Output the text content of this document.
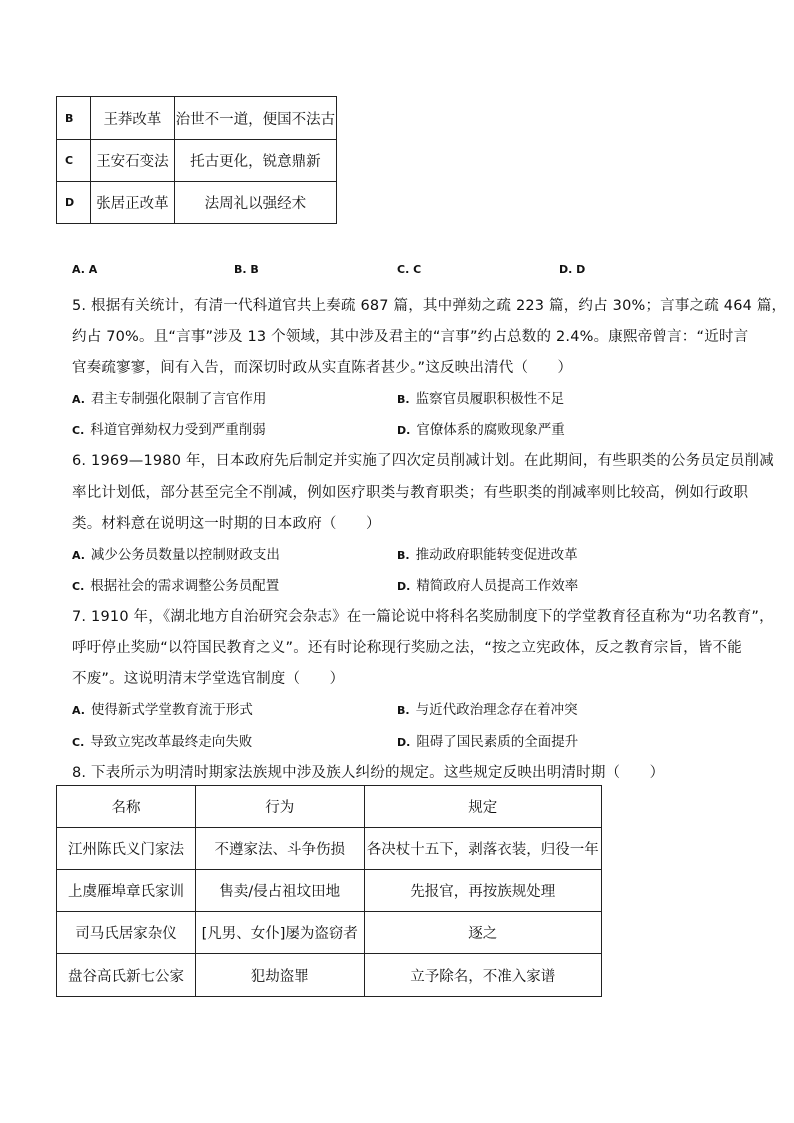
B	王莽改革	治世不一道，便国不法古
C	王安石变法	托古更化，锐意鼎新
D	张居正改革	法周礼以强经术
A. A	B. B	C. C	D. D
5. 根据有关统计，有清一代科道官共上奏疏 687 篇，其中弹劾之疏 223 篇，约占 30%；言事之疏 464 篇，
约占 70%。且“言事”涉及 13 个领域，其中涉及君主的“言事”约占总数的 2.4%。康熙帝曾言：“近时言
官奏疏寥寥，间有入告，而深切时政从实直陈者甚少。”这反映出清代（　　）
A. 君主专制强化限制了言官作用	B. 监察官员履职积极性不足
C. 科道官弹劾权力受到严重削弱	D. 官僚体系的腐败现象严重
6. 1969—1980 年，日本政府先后制定并实施了四次定员削减计划。在此期间，有些职类的公务员定员削减
率比计划低，部分甚至完全不削减，例如医疗职类与教育职类；有些职类的削减率则比较高，例如行政职
类。材料意在说明这一时期的日本政府（　　）
A. 减少公务员数量以控制财政支出	B. 推动政府职能转变促进改革
C. 根据社会的需求调整公务员配置	D. 精简政府人员提高工作效率
7. 1910 年，《湖北地方自治研究会杂志》在一篇论说中将科名奖励制度下的学堂教育径直称为“功名教育”，
呼吁停止奖励“以符国民教育之义”。还有时论称现行奖励之法，“按之立宪政体，反之教育宗旨，皆不能
不废”。这说明清末学堂选官制度（　　）
A. 使得新式学堂教育流于形式	B. 与近代政治理念存在着冲突
C. 导致立宪改革最终走向失败	D. 阻碍了国民素质的全面提升
8. 下表所示为明清时期家法族规中涉及族人纠纷的规定。这些规定反映出明清时期（　　）
名称	行为	规定
江州陈氏义门家法	不遵家法、斗争伤损	各决杖十五下，剥落衣装，归役一年
上虞雁埠章氏家训	售卖/侵占祖坟田地	先报官，再按族规处理
司马氏居家杂仪	[凡男、女仆]屡为盗窃者	逐之
盘谷高氏新七公家	犯劫盗罪	立予除名，不准入家谱
